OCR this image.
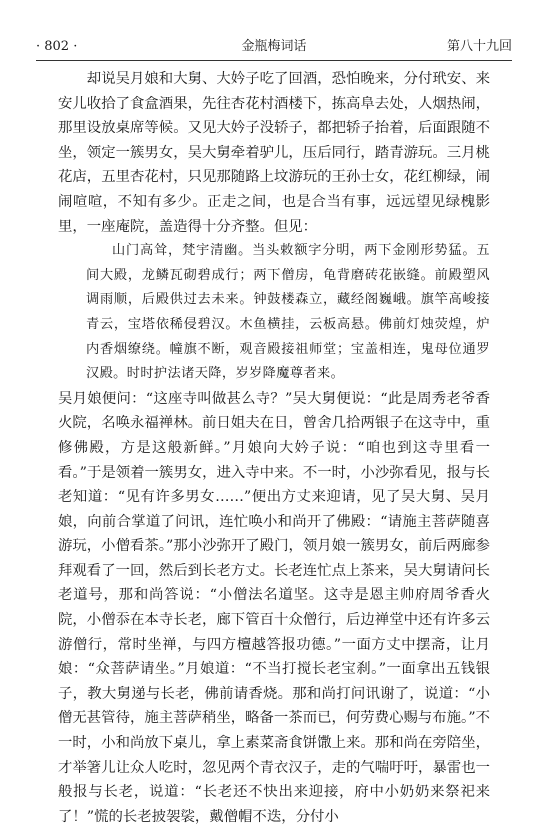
· 802 ·	金瓶梅词话	第八十九回

却说吴月娘和大舅、大妗子吃了回酒，恐怕晚来，分付玳安、来安儿收拾了食盒酒果，先往杏花村酒楼下，拣高阜去处，人烟热闹，那里设放桌席等候。又见大妗子没轿子，都把轿子抬着，后面跟随不坐，领定一簇男女，吴大舅牵着驴儿，压后同行，踏青游玩。三月桃花店，五里杏花村，只见那随路上坟游玩的王孙士女，花红柳绿，闹闹喧喧，不知有多少。正走之间，也是合当有事，远远望见绿槐影里，一座庵院，盖造得十分齐整。但见：

山门高耸，梵宇清幽。当头敕额字分明，两下金刚形势猛。五间大殿，龙鳞瓦砌碧成行；两下僧房，龟背磨砖花嵌缝。前殿塑风调雨顺，后殿供过去未来。钟鼓楼森立，藏经阁巍峨。旗竿高峻接青云，宝塔依稀侵碧汉。木鱼横挂，云板高悬。佛前灯烛荧煌，炉内香烟缭绕。幢旗不断，观音殿接祖师堂；宝盖相连，鬼母位通罗汉殿。时时护法诸天降，岁岁降魔尊者来。

吴月娘便问：“这座寺叫做甚么寺？”吴大舅便说：“此是周秀老爷香火院，名唤永福禅林。前日姐夫在日，曾舍几拾两银子在这寺中，重修佛殿，方是这般新鲜。”月娘向大妗子说：“咱也到这寺里看一看。”于是领着一簇男女，进入寺中来。不一时，小沙弥看见，报与长老知道：“见有许多男女……”便出方丈来迎请，见了吴大舅、吴月娘，向前合掌道了问讯，连忙唤小和尚开了佛殿：“请施主菩萨随喜游玩，小僧看茶。”那小沙弥开了殿门，领月娘一簇男女，前后两廊参拜观看了一回，然后到长老方丈。长老连忙点上茶来，吴大舅请问长老道号，那和尚答说：“小僧法名道坚。这寺是恩主帅府周爷香火院，小僧忝在本寺长老，廊下管百十众僧行，后边禅堂中还有许多云游僧行，常时坐禅，与四方檀越答报功德。”一面方丈中摆斋，让月娘：“众菩萨请坐。”月娘道：“不当打搅长老宝刹。”一面拿出五钱银子，教大舅递与长老，佛前请香烧。那和尚打问讯谢了，说道：“小僧无甚管待，施主菩萨稍坐，略备一茶而已，何劳费心赐与布施。”不一时，小和尚放下桌儿，拿上素菜斋食饼馓上来。那和尚在旁陪坐，才举箸儿让众人吃时，忽见两个青衣汉子，走的气喘吁吁，暴雷也一般报与长老，说道：“长老还不快出来迎接，府中小奶奶来祭祀来了！”慌的长老披袈裟，戴僧帽不迭，分付小
